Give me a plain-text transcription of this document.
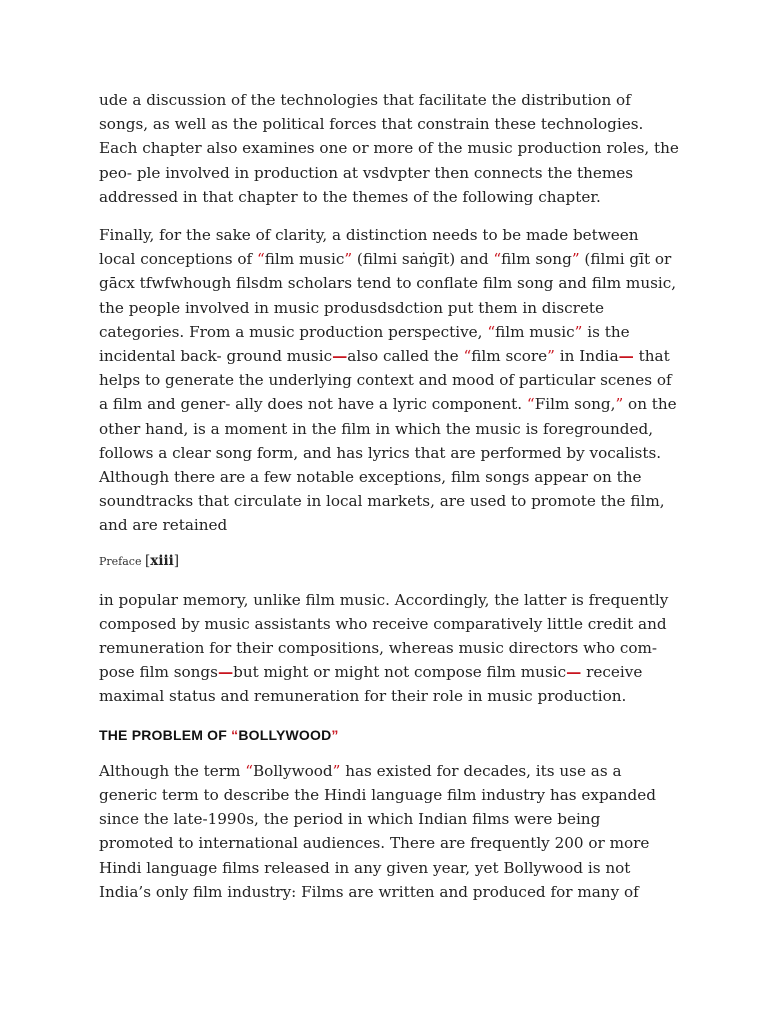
ude a discussion of the technologies that facilitate the distribution of songs, as well as the political forces that constrain these technologies. Each chapter also examines one or more of the music production roles, the peo- ple involved in production at vsdvpter then connects the themes addressed in that chapter to the themes of the following chapter.

Finally, for the sake of clarity, a distinction needs to be made between local conceptions of “film music” (filmi saṅgīt) and “film song” (filmi gīt or gācx tfwfwhough filsdm scholars tend to conflate film song and film music, the people involved in music produsdsdction put them in discrete categories. From a music production perspective, “film music” is the incidental back- ground music—also called the “film score” in India— that helps to generate the underlying context and mood of particular scenes of a film and gener- ally does not have a lyric component. “Film song,” on the other hand, is a moment in the film in which the music is foregrounded, follows a clear song form, and has lyrics that are performed by vocalists. Although there are a few notable exceptions, film songs appear on the soundtracks that circulate in local markets, are used to promote the film, and are retained

Preface [xiii]

in popular memory, unlike film music. Accordingly, the latter is frequently composed by music assistants who receive comparatively little credit and remuneration for their compositions, whereas music directors who com- pose film songs—but might or might not compose film music— receive maximal status and remuneration for their role in music production.

THE PROBLEM OF “BOLLYWOOD”

Although the term “Bollywood” has existed for decades, its use as a generic term to describe the Hindi language film industry has expanded since the late-1990s, the period in which Indian films were being promoted to international audiences. There are frequently 200 or more Hindi language films released in any given year, yet Bollywood is not India’s only film industry: Films are written and produced for many of
